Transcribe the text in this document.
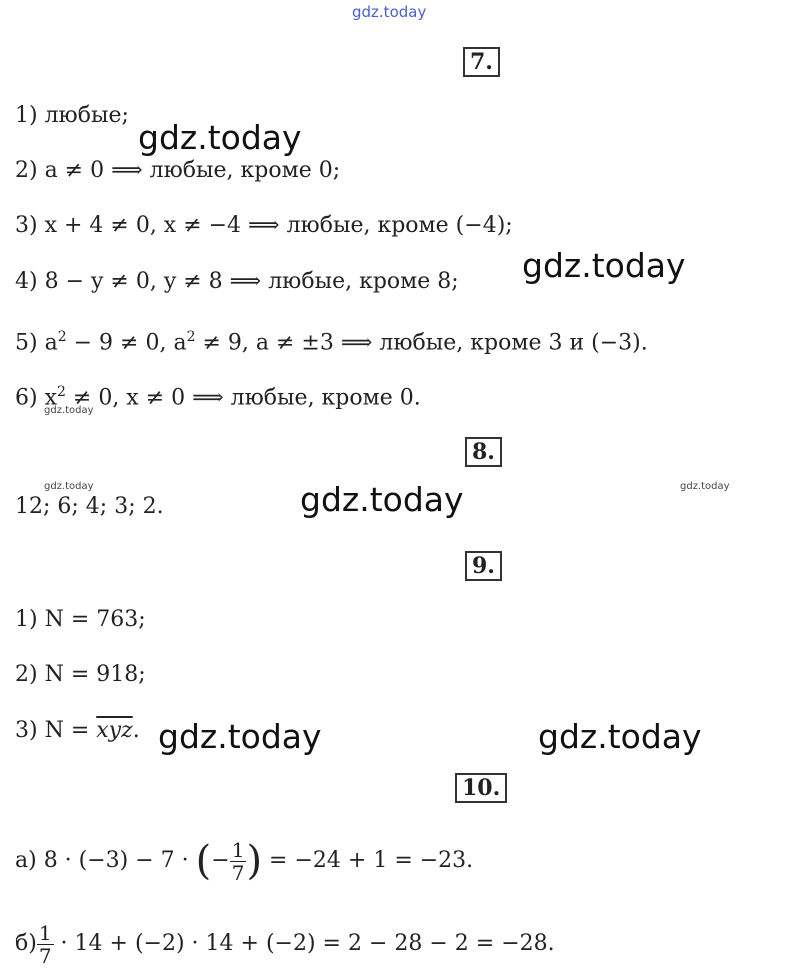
gdz.today
7.
1) любые;
gdz.today
2) a ≠ 0 ⟹ любые, кроме 0;
3) x + 4 ≠ 0, x ≠ −4 ⟹ любые, кроме (−4);
4) 8 − y ≠ 0, y ≠ 8 ⟹ любые, кроме 8; gdz.today
5) $a^2 - 9 \ne 0$, $a^2 \ne 9$, a ≠ ±3 ⟹ любые, кроме 3 и (−3).
6) $x^2 \ne 0$, x ≠ 0 ⟹ любые, кроме 0.
gdz.today
8.
gdz.today	gdz.today
12; 6; 4; 3; 2.	gdz.today
9.
1) N = 763;
2) N = 918;
3) $N = \overline{xyz}$. gdz.today	gdz.today
10.
а) 8 · (−3) − 7 · (− $\frac{1}{7}$ ) = −24 + 1 = −23.
$б) \frac{1}{7} \cdot 14 + (-2) \cdot 14 + (-2) = 2 - 28 - 2 = -28$.
